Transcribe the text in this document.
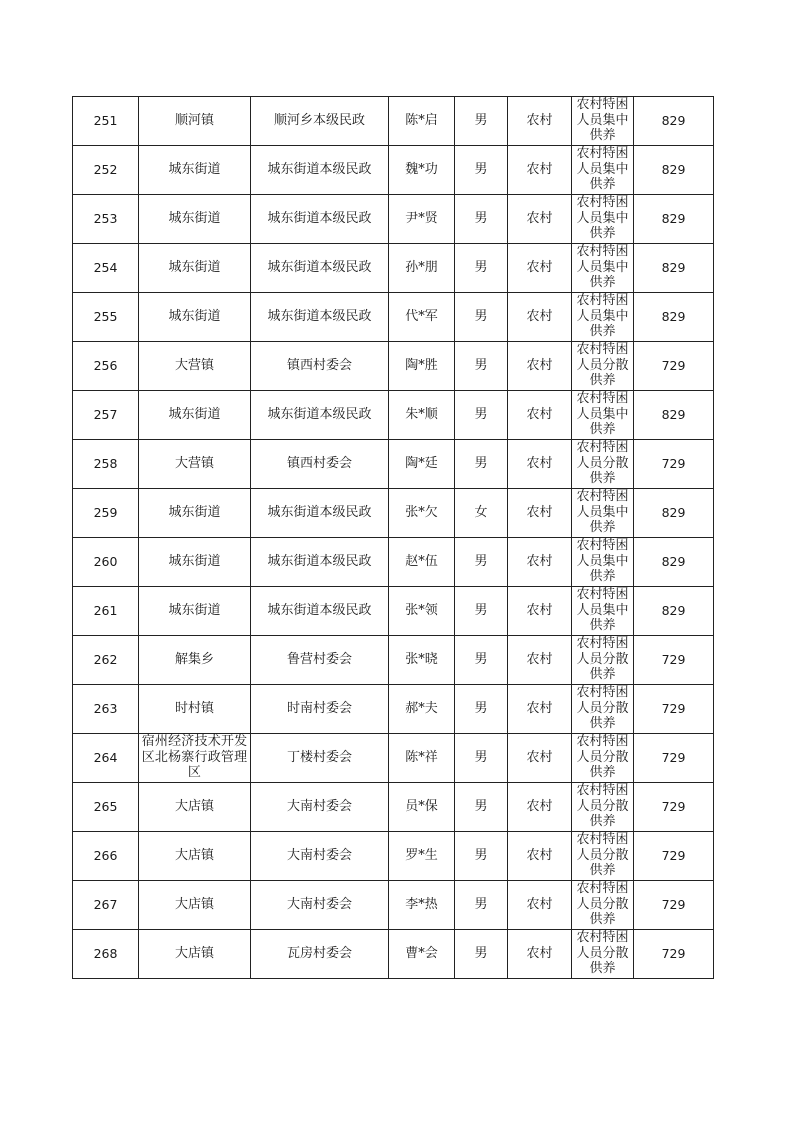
251	顺河镇	顺河乡本级民政	陈*启	男	农村	农村特困人员集中供养	829
252	城东街道	城东街道本级民政	魏*功	男	农村	农村特困人员集中供养	829
253	城东街道	城东街道本级民政	尹*贤	男	农村	农村特困人员集中供养	829
254	城东街道	城东街道本级民政	孙*朋	男	农村	农村特困人员集中供养	829
255	城东街道	城东街道本级民政	代*军	男	农村	农村特困人员集中供养	829
256	大营镇	镇西村委会	陶*胜	男	农村	农村特困人员分散供养	729
257	城东街道	城东街道本级民政	朱*顺	男	农村	农村特困人员集中供养	829
258	大营镇	镇西村委会	陶*廷	男	农村	农村特困人员分散供养	729
259	城东街道	城东街道本级民政	张*欠	女	农村	农村特困人员集中供养	829
260	城东街道	城东街道本级民政	赵*伍	男	农村	农村特困人员集中供养	829
261	城东街道	城东街道本级民政	张*领	男	农村	农村特困人员集中供养	829
262	解集乡	鲁营村委会	张*晓	男	农村	农村特困人员分散供养	729
263	时村镇	时南村委会	郝*夫	男	农村	农村特困人员分散供养	729
264	宿州经济技术开发区北杨寨行政管理区	丁楼村委会	陈*祥	男	农村	农村特困人员分散供养	729
265	大店镇	大南村委会	员*保	男	农村	农村特困人员分散供养	729
266	大店镇	大南村委会	罗*生	男	农村	农村特困人员分散供养	729
267	大店镇	大南村委会	李*热	男	农村	农村特困人员分散供养	729
268	大店镇	瓦房村委会	曹*会	男	农村	农村特困人员分散供养	729
